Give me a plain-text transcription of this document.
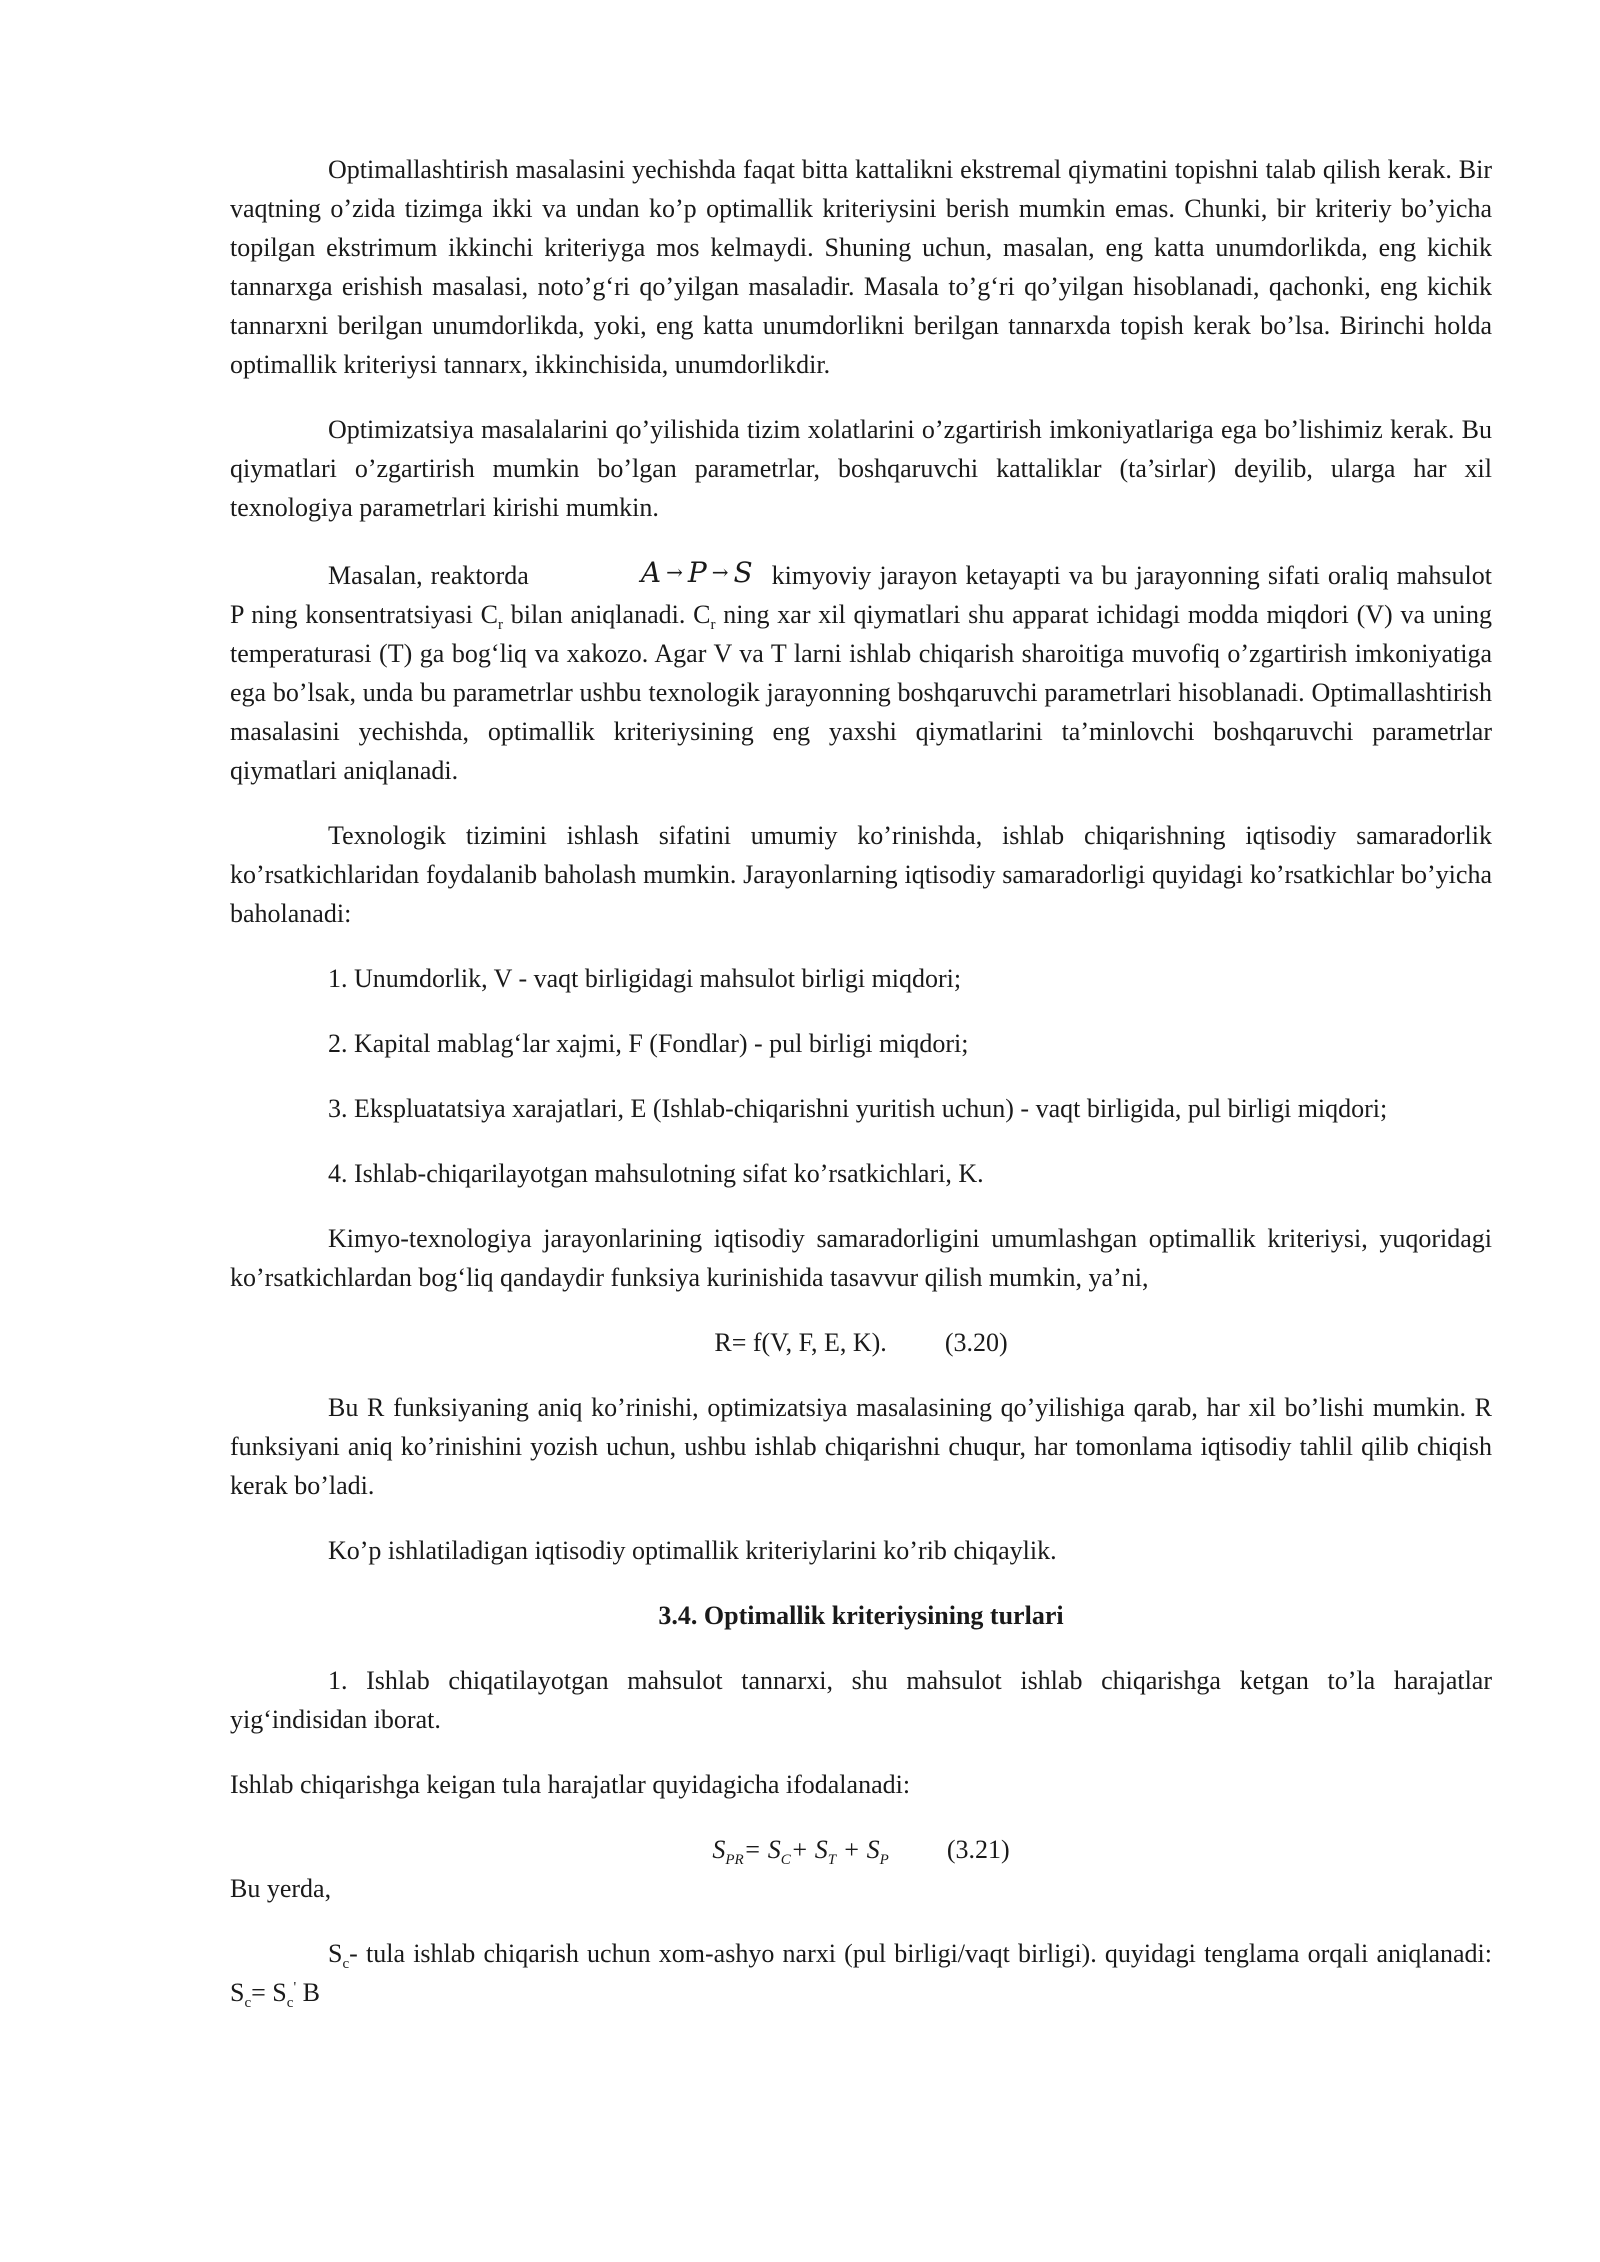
Optimallashtirish masalasini yechishda faqat bitta kattalikni ekstremal qiymatini topishni talab qilish kerak. Bir vaqtning o’zida tizimga ikki va undan ko’p optimallik kriteriysini berish mumkin emas. Chunki, bir kriteriy bo’yicha topilgan ekstrimum ikkinchi kriteriyga mos kelmaydi. Shuning uchun, masalan, eng katta unumdorlikda, eng kichik tannarxga erishish masalasi, noto’g‘ri qo’yilgan masaladir. Masala to’g‘ri qo’yilgan hisoblanadi, qachonki, eng kichik tannarxni berilgan unumdorlikda, yoki, eng katta unumdorlikni berilgan tannarxda topish kerak bo’lsa. Birinchi holda optimallik kriteriysi tannarx, ikkinchisida, unumdorlikdir.

Optimizatsiya masalalarini qo’yilishida tizim xolatlarini o’zgartirish imkoniyatlariga ega bo’lishimiz kerak. Bu qiymatlari o’zgartirish mumkin bo’lgan parametrlar, boshqaruvchi kattaliklar (ta’sirlar) deyilib, ularga har xil texnologiya parametrlari kirishi mumkin.

Masalan, reaktorda	A → P → S kimyoviy jarayon ketayapti va bu jarayonning sifati oraliq mahsulot P ning konsentratsiyasi $C_r$ bilan aniqlanadi. $C_r$ ning xar xil qiymatlari shu apparat ichidagi modda miqdori (V) va uning temperaturasi (T) ga bog‘liq va xakozo. Agar V va T larni ishlab chiqarish sharoitiga muvofiq o’zgartirish imkoniyatiga ega bo’lsak, unda bu parametrlar ushbu texnologik jarayonning boshqaruvchi parametrlari hisoblanadi. Optimallashtirish masalasini yechishda, optimallik kriteriysining eng yaxshi qiymatlarini ta’minlovchi boshqaruvchi parametrlar qiymatlari aniqlanadi.

Texnologik tizimini ishlash sifatini umumiy ko’rinishda, ishlab chiqarishning iqtisodiy samaradorlik ko’rsatkichlaridan foydalanib baholash mumkin. Jarayonlarning iqtisodiy samaradorligi quyidagi ko’rsatkichlar bo’yicha baholanadi:

1. Unumdorlik, V - vaqt birligidagi mahsulot birligi miqdori;

2. Kapital mablag‘lar xajmi, F (Fondlar) - pul birligi miqdori;

3. Ekspluatatsiya xarajatlari, E (Ishlab-chiqarishni yuritish uchun) - vaqt birligida, pul birligi miqdori;

4. Ishlab-chiqarilayotgan mahsulotning sifat ko’rsatkichlari, K.

Kimyo-texnologiya jarayonlarining iqtisodiy samaradorligini umumlashgan optimallik kriteriysi, yuqoridagi ko’rsatkichlardan bog‘liq qandaydir funksiya kurinishida tasavvur qilish mumkin, ya’ni,

R= f(V, F, E, K). (3.20)

Bu R funksiyaning aniq ko’rinishi, optimizatsiya masalasining qo’yilishiga qarab, har xil bo’lishi mumkin. R funksiyani aniq ko’rinishini yozish uchun, ushbu ishlab chiqarishni chuqur, har tomonlama iqtisodiy tahlil qilib chiqish kerak bo’ladi.

Ko’p ishlatiladigan iqtisodiy optimallik kriteriylarini ko’rib chiqaylik.

3.4. Optimallik kriteriysining turlari

1. Ishlab chiqatilayotgan mahsulot tannarxi, shu mahsulot ishlab chiqarishga ketgan to’la harajatlar yig‘indisidan iborat.

Ishlab chiqarishga keigan tula harajatlar quyidagicha ifodalanadi:

$S_{PR}= S_C+ S_T + S_P$ (3.21)

Bu yerda,

$S_c-$ tula ishlab chiqarish uchun xom-ashyo narxi (pul birligi/vaqt birligi). quyidagi tenglama orqali aniqlanadi: $S_c= S_c'$ B
